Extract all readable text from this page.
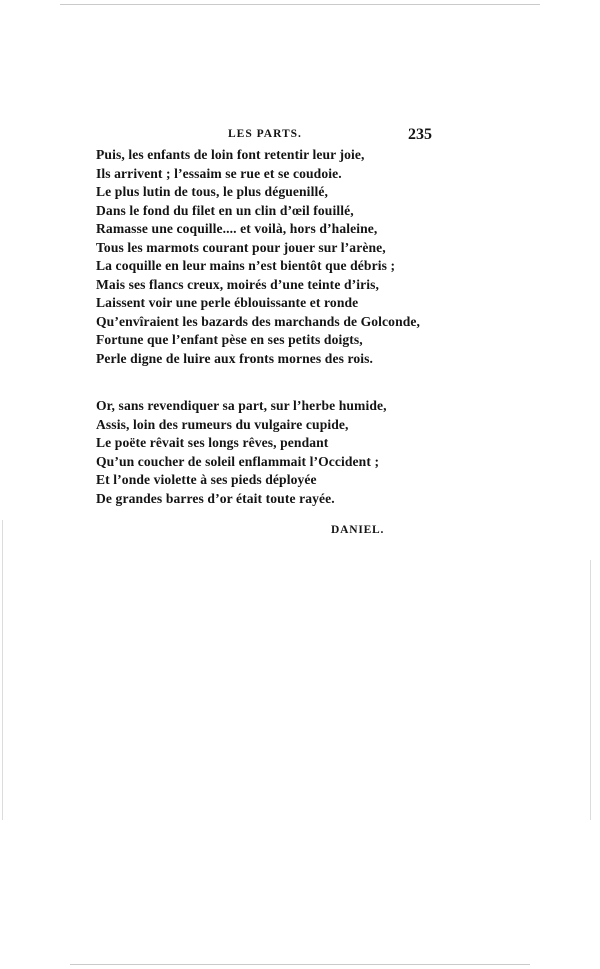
LES PARTS.	235
Puis, les enfants de loin font retentir leur joie,
Ils arrivent ; l’essaim se rue et se coudoie.
Le plus lutin de tous, le plus déguenillé,
Dans le fond du filet en un clin d’œil fouillé,
Ramasse une coquille.... et voilà, hors d’haleine,
Tous les marmots courant pour jouer sur l’arène,
La coquille en leur mains n’est bientôt que débris ;
Mais ses flancs creux, moirés d’une teinte d’iris,
Laissent voir une perle éblouissante et ronde
Qu’envîraient les bazards des marchands de Golconde,
Fortune que l’enfant pèse en ses petits doigts,
Perle digne de luire aux fronts mornes des rois.
Or, sans revendiquer sa part, sur l’herbe humide,
Assis, loin des rumeurs du vulgaire cupide,
Le poëte rêvait ses longs rêves, pendant
Qu’un coucher de soleil enflammait l’Occident ;
Et l’onde violette à ses pieds déployée
De grandes barres d’or était toute rayée.
DANIEL.
